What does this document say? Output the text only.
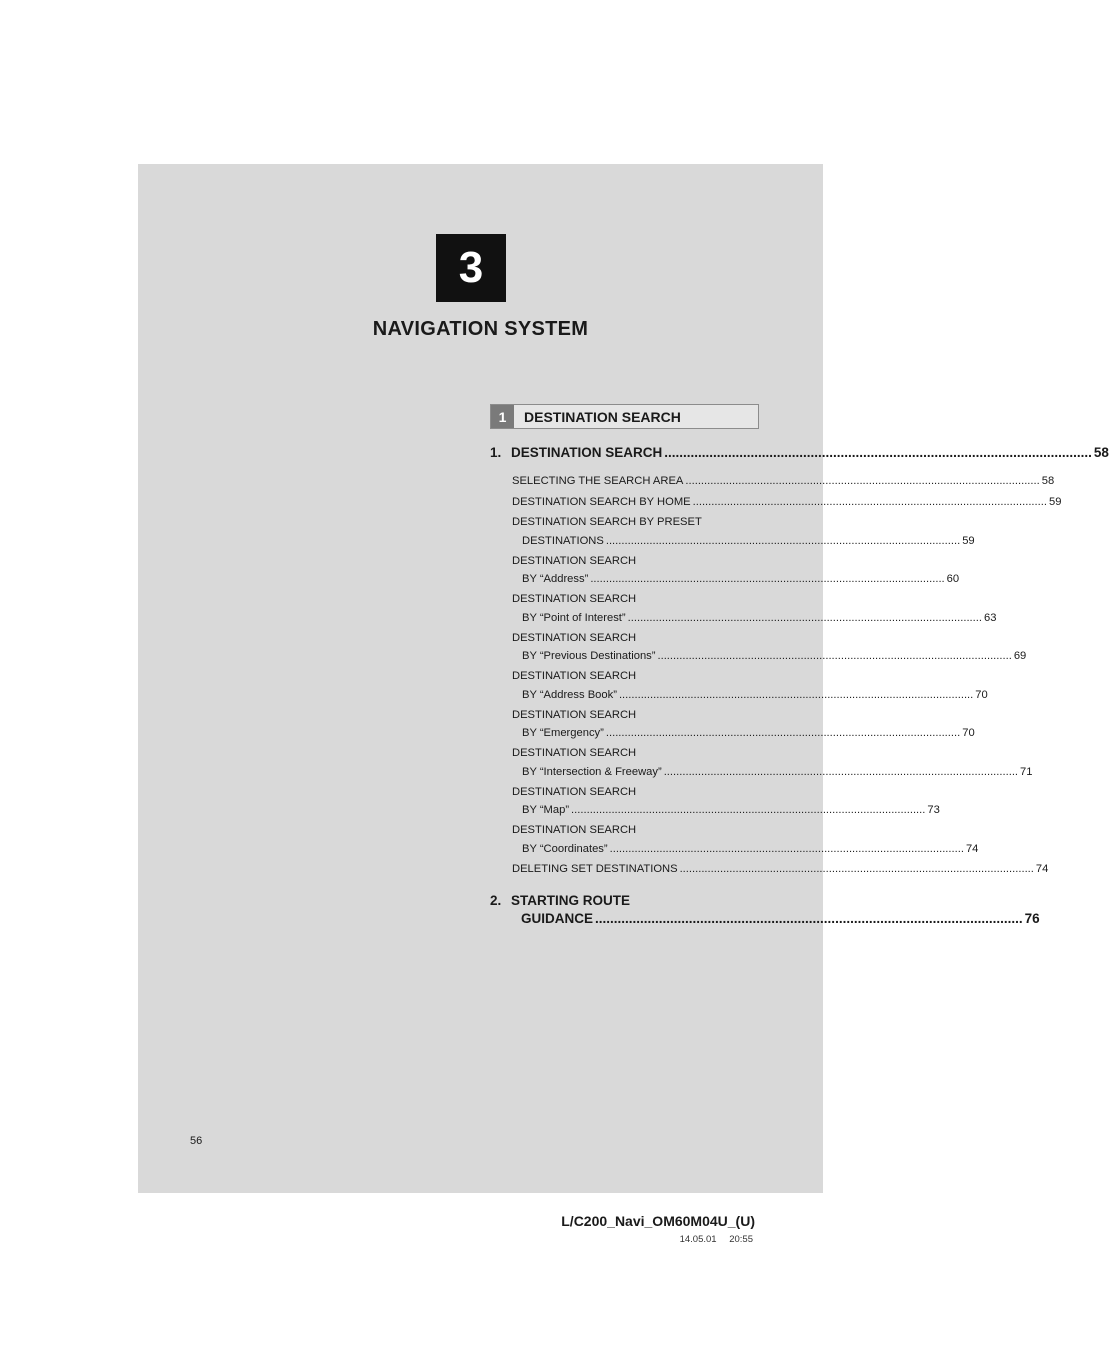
3
NAVIGATION SYSTEM
1	DESTINATION SEARCH
1. DESTINATION SEARCH .....	58
SELECTING THE SEARCH AREA .....	58
DESTINATION SEARCH BY HOME .....	59
DESTINATION SEARCH BY PRESET
DESTINATIONS .....	59
DESTINATION SEARCH
BY “Address” .....	60
DESTINATION SEARCH
BY “Point of Interest” .....	63
DESTINATION SEARCH
BY “Previous Destinations” .....	69
DESTINATION SEARCH
BY “Address Book” .....	70
DESTINATION SEARCH
BY “Emergency” .....	70
DESTINATION SEARCH
BY “Intersection & Freeway” .....	71
DESTINATION SEARCH
BY “Map” .....	73
DESTINATION SEARCH
BY “Coordinates” .....	74
DELETING SET DESTINATIONS .....	74
2. STARTING ROUTE
GUIDANCE .....	76
56
L/C200_Navi_OM60M04U_(U)
14.05.01 20:55
